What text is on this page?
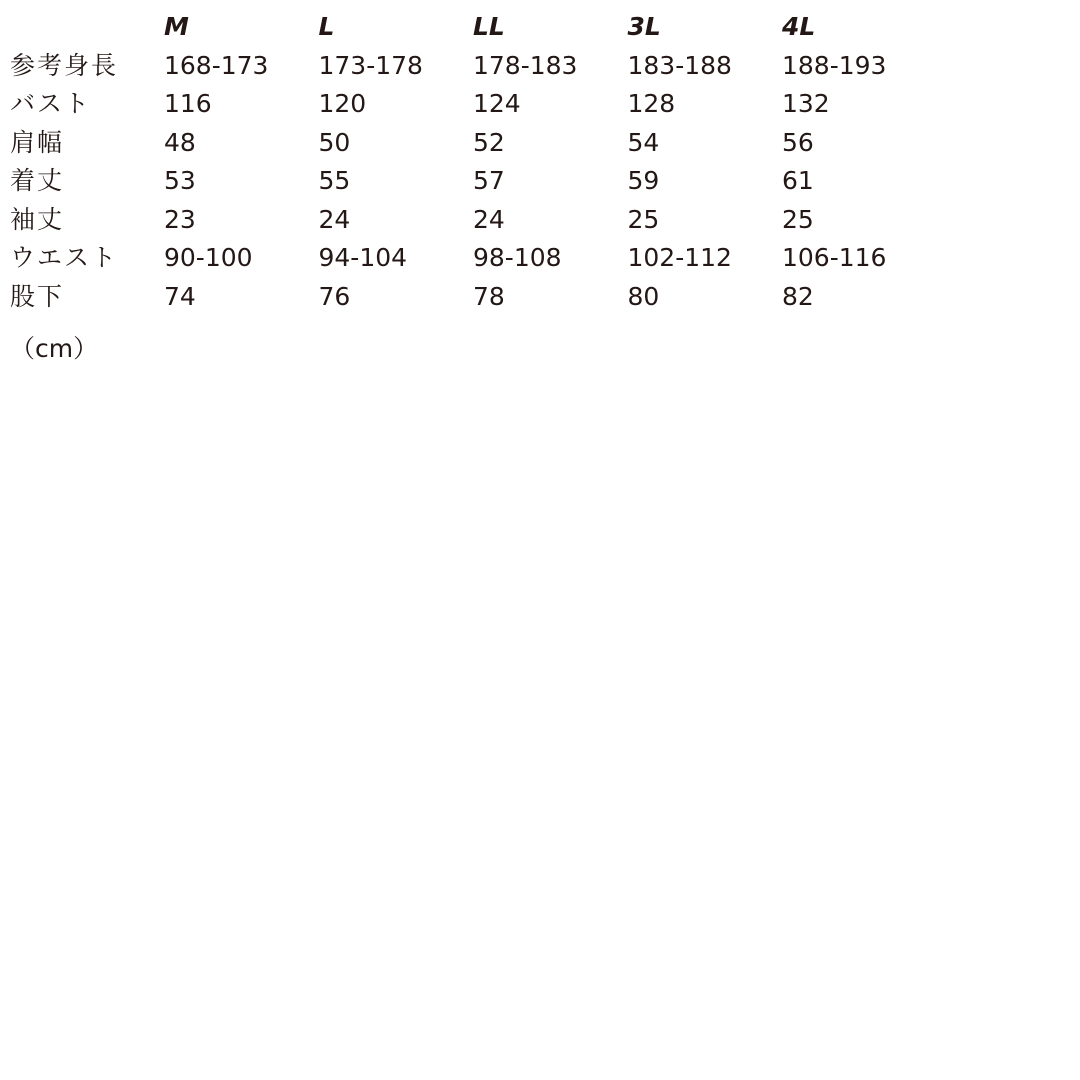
	M	L	LL	3L	4L
参考身長	168-173	173-178	178-183	183-188	188-193
バスト	116	120	124	128	132
肩幅	48	50	52	54	56
着丈	53	55	57	59	61
袖丈	23	24	24	25	25
ウエスト	90-100	94-104	98-108	102-112	106-116
股下	74	76	78	80	82
（cm）
